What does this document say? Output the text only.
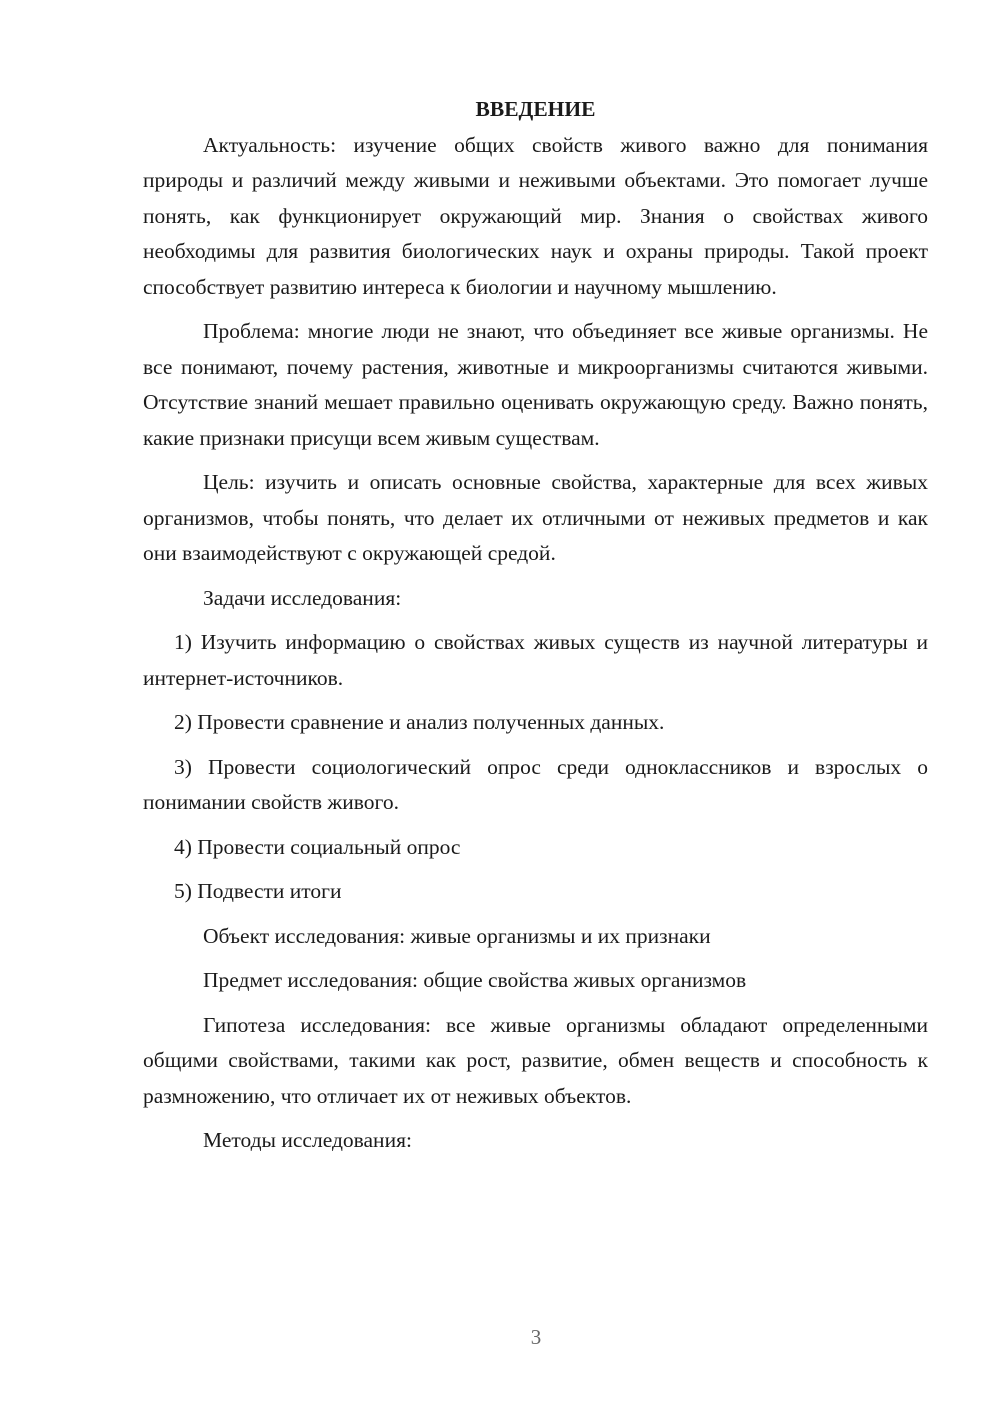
ВВЕДЕНИЕ

Актуальность: изучение общих свойств живого важно для понимания природы и различий между живыми и неживыми объектами. Это помогает лучше понять, как функционирует окружающий мир. Знания о свойствах живого необходимы для развития биологических наук и охраны природы. Такой проект способствует развитию интереса к биологии и научному мышлению.

Проблема: многие люди не знают, что объединяет все живые организмы. Не все понимают, почему растения, животные и микроорганизмы считаются живыми. Отсутствие знаний мешает правильно оценивать окружающую среду. Важно понять, какие признаки присущи всем живым существам.

Цель: изучить и описать основные свойства, характерные для всех живых организмов, чтобы понять, что делает их отличными от неживых предметов и как они взаимодействуют с окружающей средой.

Задачи исследования:

1) Изучить информацию о свойствах живых существ из научной литературы и интернет-источников.

2) Провести сравнение и анализ полученных данных.

3) Провести социологический опрос среди одноклассников и взрослых о понимании свойств живого.

4) Провести социальный опрос

5) Подвести итоги

Объект исследования: живые организмы и их признаки

Предмет исследования: общие свойства живых организмов

Гипотеза исследования: все живые организмы обладают определенными общими свойствами, такими как рост, развитие, обмен веществ и способность к размножению, что отличает их от неживых объектов.

Методы исследования:

3
